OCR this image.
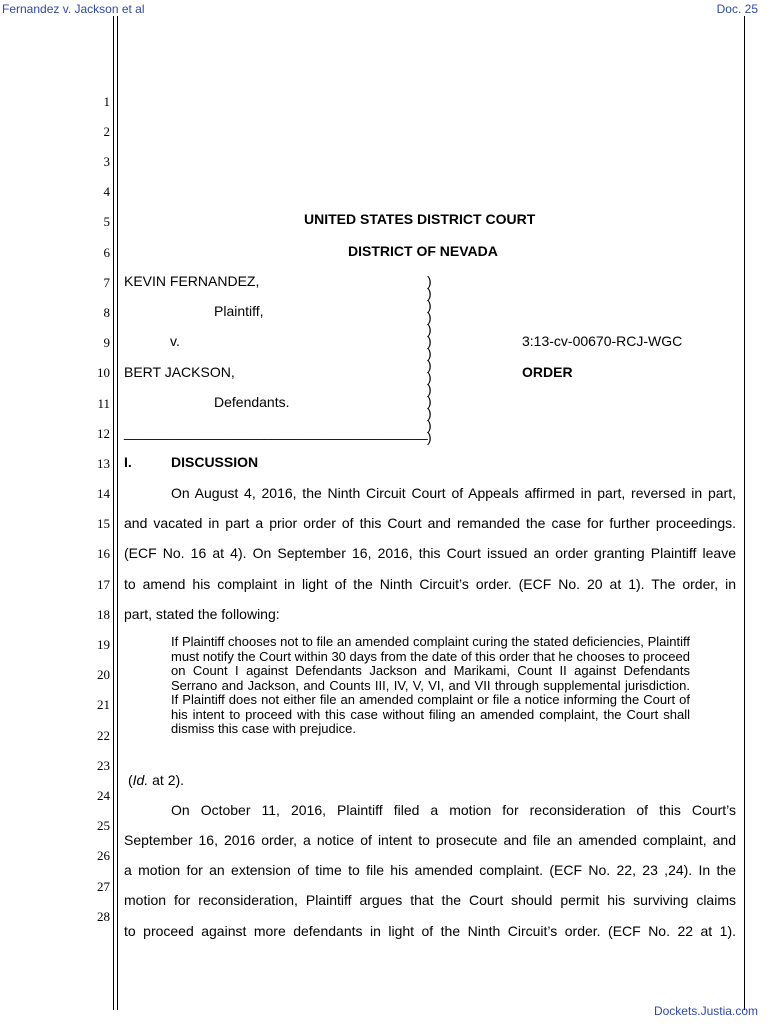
Fernandez v. Jackson et al	Doc. 25
1
2
3
4
5
6
7
8
9
10
11
12
13
14
15
16
17
18
19
20
21
22
23
24
25
26
27
28
UNITED STATES DISTRICT COURT
DISTRICT OF NEVADA
KEVIN FERNANDEZ,
Plaintiff,
v.
BERT JACKSON,
Defendants.
_______________________________________
)
)
)
)
)
)
)
)
)
)
)
)
)
)
3:13-cv-00670-RCJ-WGC
ORDER
I.	DISCUSSION
On August 4, 2016, the Ninth Circuit Court of Appeals affirmed in part, reversed in part,
and vacated in part a prior order of this Court and remanded the case for further proceedings.
(ECF No. 16 at 4). On September 16, 2016, this Court issued an order granting Plaintiff leave
to amend his complaint in light of the Ninth Circuit’s order. (ECF No. 20 at 1). The order, in
part, stated the following:
If Plaintiff chooses not to file an amended complaint curing the stated deficiencies, Plaintiff must notify the Court within 30 days from the date of this order that he chooses to proceed on Count I against Defendants Jackson and Marikami, Count II against Defendants Serrano and Jackson, and Counts III, IV, V, VI, and VII through supplemental jurisdiction. If Plaintiff does not either file an amended complaint or file a notice informing the Court of his intent to proceed with this case without filing an amended complaint, the Court shall dismiss this case with prejudice.
(Id. at 2).
On October 11, 2016, Plaintiff filed a motion for reconsideration of this Court’s
September 16, 2016 order, a notice of intent to prosecute and file an amended complaint, and
a motion for an extension of time to file his amended complaint. (ECF No. 22, 23 ,24). In the
motion for reconsideration, Plaintiff argues that the Court should permit his surviving claims
to proceed against more defendants in light of the Ninth Circuit’s order. (ECF No. 22 at 1).
Dockets.Justia.com
